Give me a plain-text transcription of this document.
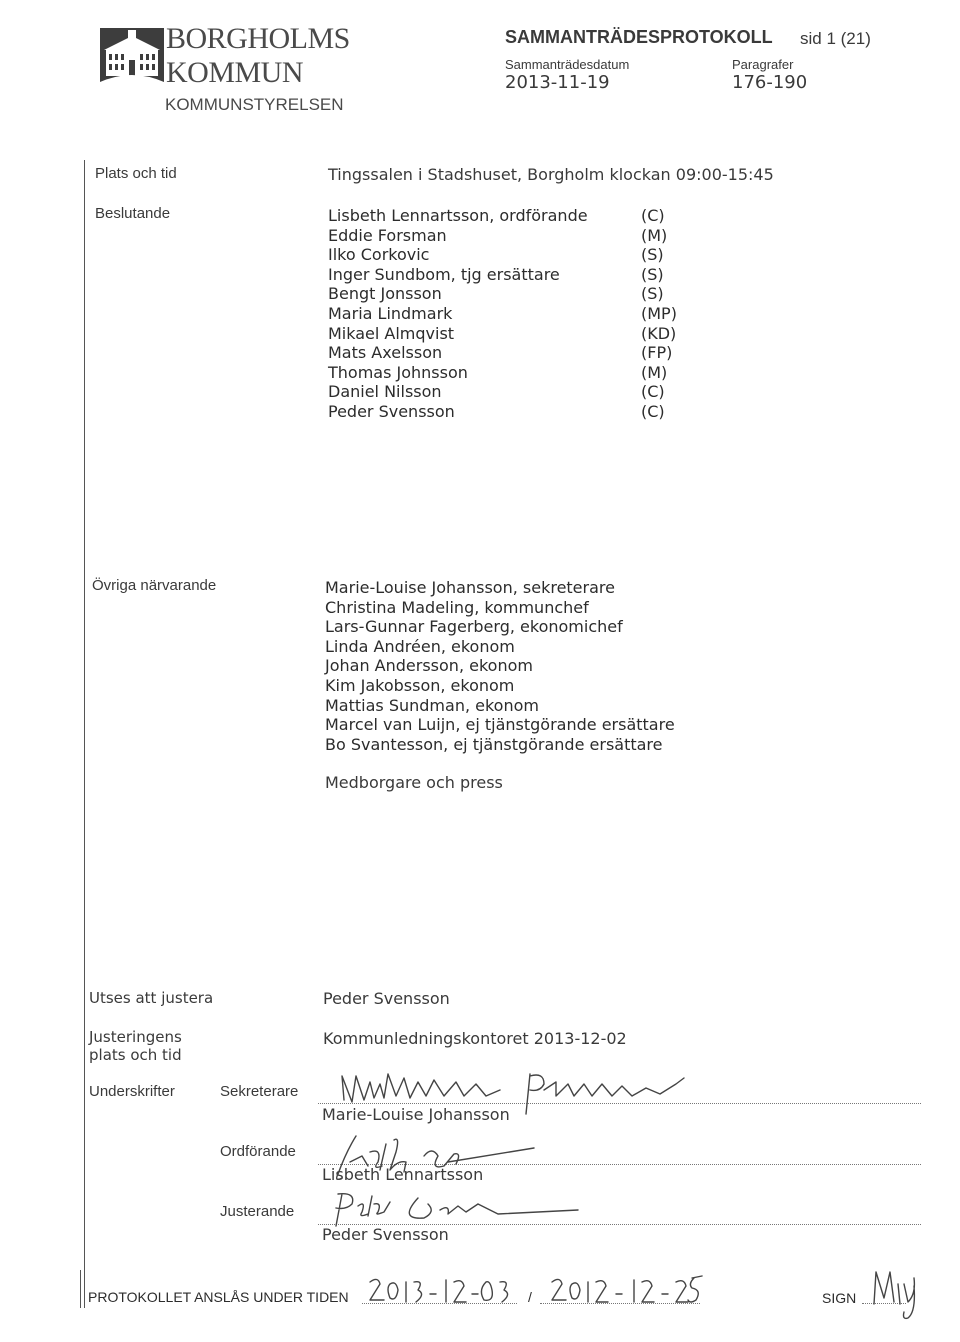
BORGHOLMS
KOMMUN
KOMMUNSTYRELSEN
SAMMANTRÄDESPROTOKOLL sid 1 (21)
Sammanträdesdatum
2013-11-19
Paragrafer
176-190
Plats och tid	Tingssalen i Stadshuset, Borgholm klockan 09:00-15:45
Beslutande	Lisbeth Lennartsson, ordförande	(C)
Eddie Forsman	(M)
Ilko Corkovic	(S)
Inger Sundbom, tjg ersättare	(S)
Bengt Jonsson	(S)
Maria Lindmark	(MP)
Mikael Almqvist	(KD)
Mats Axelsson	(FP)
Thomas Johnsson	(M)
Daniel Nilsson	(C)
Peder Svensson	(C)
Övriga närvarande	Marie-Louise Johansson, sekreterare
Christina Madeling, kommunchef
Lars-Gunnar Fagerberg, ekonomichef
Linda Andréen, ekonom
Johan Andersson, ekonom
Kim Jakobsson, ekonom
Mattias Sundman, ekonom
Marcel van Luijn, ej tjänstgörande ersättare
Bo Svantesson, ej tjänstgörande ersättare
Medborgare och press
Utses att justera	Peder Svensson
Justeringens
plats och tid
Kommunledningskontoret 2013-12-02
Underskrifter	Sekreterare
Marie-Louise Johansson
Ordförande
Lisbeth Lennartsson
Justerande
Peder Svensson
PROTOKOLLET ANSLÅS UNDER TIDEN	/	SIGN
